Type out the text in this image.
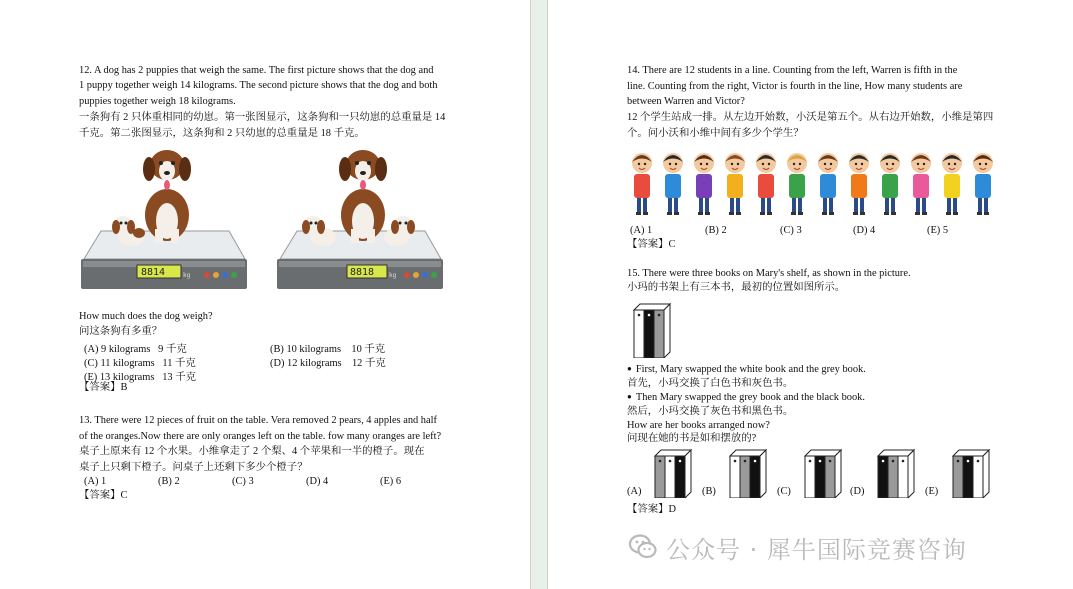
12. A dog has 2 puppies that weigh the same. The first picture shows that the dog and
1 puppy together weigh 14 kilograms. The second picture shows that the dog and both
puppies together weigh 18 kilograms.
一条狗有 2 只体重相同的幼崽。第一张图显示，这条狗和一只幼崽的总重量是 14
千克。第二张图显示，这条狗和 2 只幼崽的总重量是 18 千克。
8814	kg	8818 kg
How much does the dog weigh?
问这条狗有多重？
(A) 9 kilograms 9 千克	(B) 10 kilograms 10 千克
(C) 11 kilograms 11 千克	(D) 12 kilograms 12 千克
(E) 13 kilograms 13 千克
【答案】B
13. There were 12 pieces of fruit on the table. Vera removed 2 pears, 4 apples and half
of the oranges.Now there are only oranges left on the table. fow many oranges are left?
桌子上原来有 12 个水果。小维拿走了 2 个梨、4 个苹果和一半的橙子。现在
桌子上只剩下橙子。问桌子上还剩下多少个橙子？
(A) 1	(B) 2	(C) 3	(D) 4	(E) 6
【答案】C
14. There are 12 students in a line. Counting from the left, Warren is fifth in the
line. Counting from the right, Victor is fourth in the line, How many students are
between Warren and Victor?
12 个学生站成一排。从左边开始数，小沃是第五个。从右边开始数，小维是第四
个。问小沃和小维中间有多少个学生？
(A) 1	(B) 2	(C) 3	(D) 4	(E) 5
【答案】C
15. There were three books on Mary's shelf, as shown in the picture.
小玛的书架上有三本书，最初的位置如图所示。
● First, Mary swapped the white book and the grey book.
首先，小玛交换了白色书和灰色书。
● Then Mary swapped the grey book and the black book.
然后，小玛交换了灰色书和黑色书。
How are her books arranged now?
问现在她的书是如和摆放的?
(A)	(B)	(C)	(D)	(E)
【答案】D
公众号 · 犀牛国际竞赛咨询
